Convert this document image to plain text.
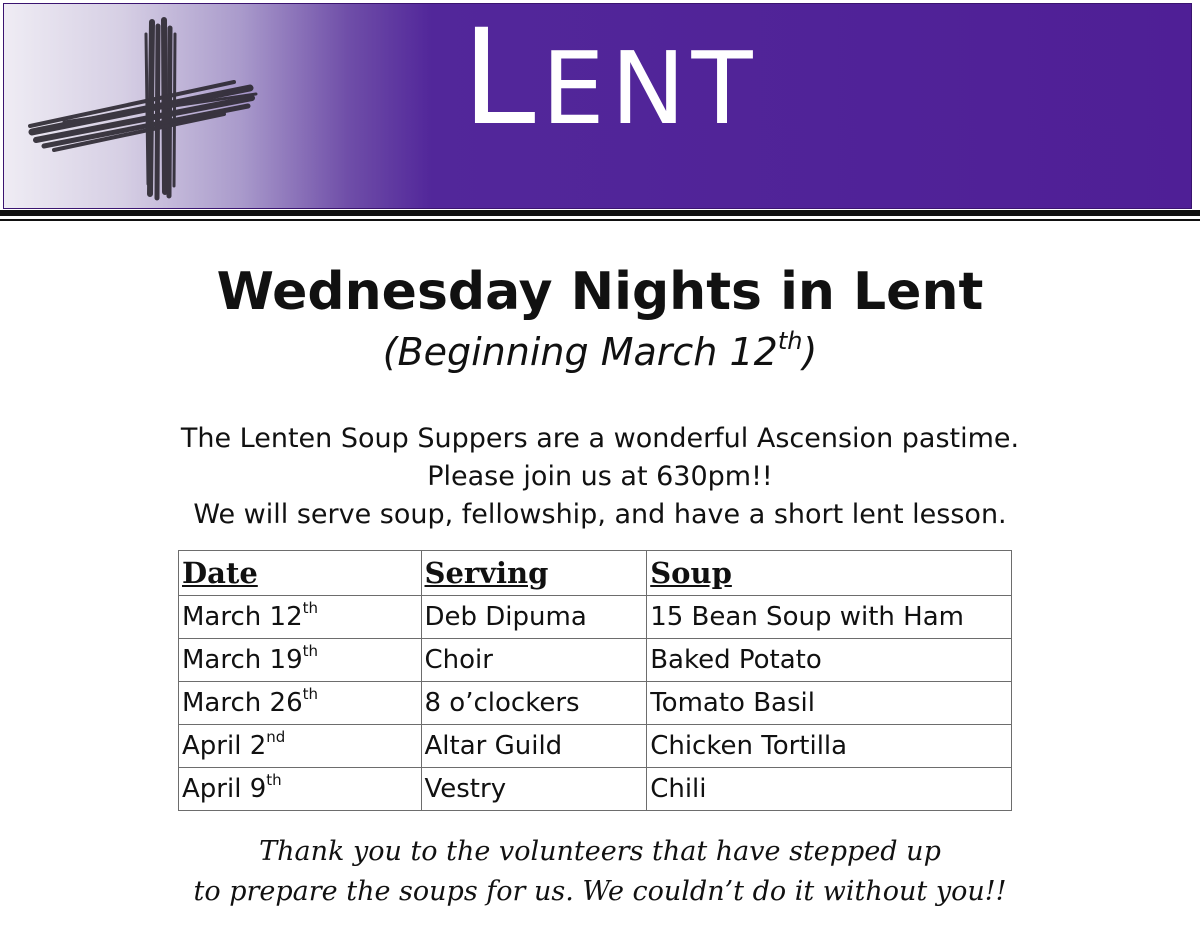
LENT
Wednesday Nights in Lent
(Beginning March 12th)
The Lenten Soup Suppers are a wonderful Ascension pastime.
Please join us at 630pm!!
We will serve soup, fellowship, and have a short lent lesson.
Date	Serving	Soup
March 12th	Deb Dipuma	15 Bean Soup with Ham
March 19th	Choir	Baked Potato
March 26th	8 o’clockers	Tomato Basil
April 2nd	Altar Guild	Chicken Tortilla
April 9th	Vestry	Chili
Thank you to the volunteers that have stepped up
to prepare the soups for us. We couldn’t do it without you!!
